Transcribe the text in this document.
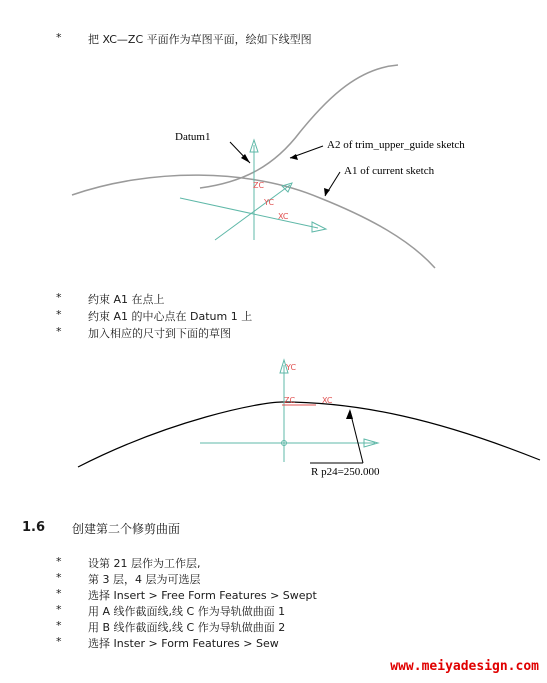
* 把 XC—ZC 平面作为草图平面，绘如下线型图
Datum1
A2 of trim_upper_guide sketch
A1 of current sketch
ZC
YC
XC
YC
ZC	XC
R p24=250.000
* 约束 A1 在点上
* 约束 A1 的中心点在 Datum 1 上
* 加入相应的尺寸到下面的草图
1.6 创建第二个修剪曲面
* 设第 21 层作为工作层,
* 第 3 层，4 层为可选层
* 选择 Insert > Free Form Features > Swept
* 用 A 线作截面线,线 C 作为导轨做曲面 1
* 用 B 线作截面线,线 C 作为导轨做曲面 2
* 选择 Inster > Form Features > Sew
www.meiyadesign.com
